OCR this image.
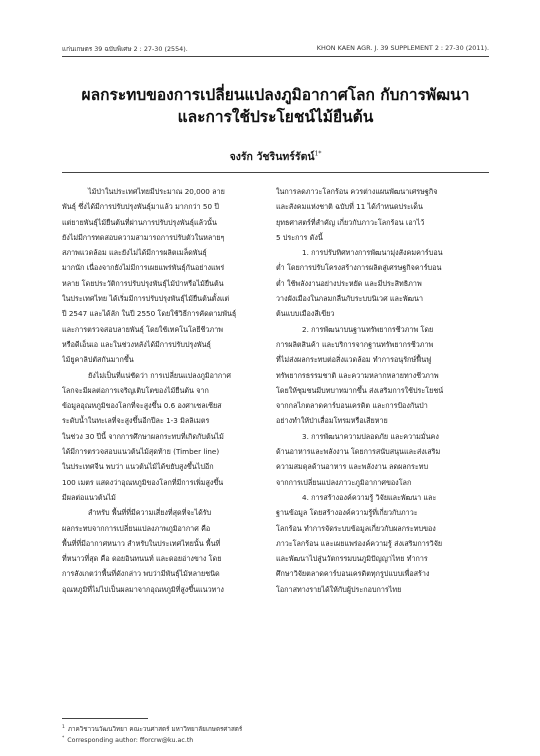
แก่นเกษตร 39 ฉบับพิเศษ 2 : 27-30 (2554).	KHON KAEN AGR. J. 39 SUPPLEMENT 2 : 27-30 (2011).
ผลกระทบของการเปลี่ยนแปลงภูมิอากาศโลก กับการพัฒนา
และการใช้ประโยชน์ไม้ยืนต้น
จงรัก วัชรินทร์รัตน์$^{1*}$
ไม้ป่าในประเทศไทยมีประมาณ 20,000 ลาย
พันธุ์ ซึ่งได้มีการปรับปรุงพันธุ์มาแล้ว มากกว่า 50 ปี
แต่ยายพันธุ์ไม้ยืนต้นที่ผ่านการปรับปรุงพันธุ์แล้วนั้น
ยังไม่มีการทดสอบความสามารถการปรับตัวในหลายๆ
สภาพแวดล้อม และยังไม่ได้มีการผลิตเมล็ดพันธุ์
มากนัก เนื่องจากยังไม่มีการเผยแพร่พันธุ์กันอย่างแพร่
หลาย โดยประวัติการปรับปรุงพันธุ์ไม้ป่าหรือไม้ยืนต้น
ในประเทศไทย ได้เริ่มมีการปรับปรุงพันธุ์ไม้ยืนต้นตั้งแต่
ปี 2547 และได้ลัก ในปี 2550 โดยใช้วิธีการคัดตามพันธุ์
และการตรวจสอบลายพันธุ์ โดยใช้เทคโนโลยีชีวภาพ
หรือดีเอ็นเอ และในช่วงหลังได้มีการปรับปรุงพันธุ์
ไม้ยูคาลิปตัสกันมากขึ้น
ยังไม่เป็นที่แน่ชัดว่า การเปลี่ยนแปลงภูมิอากาศ
โลกจะมีผลต่อการเจริญเติบโตของไม้ยืนต้น จาก
ข้อมูลอุณหภูมิของโลกที่จะสูงขึ้น 0.6 องศาเซลเซียส
ระดับน้ำในทะเลที่จะสูงขึ้นอีกปีละ 1-3 มิลลิเมตร
ในช่วง 30 ปีนี้ จากการศึกษาผลกระทบที่เกิดกับต้นไม้
ได้มีการตรวจสอบแนวต้นไม้สุดท้าย (Timber line)
ในประเทศจีน พบว่า แนวต้นไม้ได้ขยับสูงขึ้นไปอีก
100 เมตร แสดงว่าอุณหภูมิของโลกที่มีการเพิ่มสูงขึ้น
มีผลต่อแนวต้นไม้
สำหรับ พื้นที่ที่มีความเสี่ยงที่สุดที่จะได้รับ
ผลกระทบจากการเปลี่ยนแปลงภาพภูมิอากาศ คือ
พื้นที่ที่มีอากาศหนาว สำหรับในประเทศไทยนั้น พื้นที่
ที่หนาวที่สุด คือ ดอยอินทนนท์ และดอยอ่างขาง โดย
การสังเกตว่าพื้นที่ดังกล่าว พบว่ามีพันธุ์ไม้หลายชนิด
อุณหภูมิที่ไม่ไปเป็นผลมาจากอุณหภูมิที่สูงขึ้นแนวทาง
ในการลดภาวะโลกร้อน ควรต่างแผนพัฒนาเศรษฐกิจ
และสังคมแห่งชาติ ฉบับที่ 11 ได้กำหนดประเด็น
ยุทธศาสตร์ที่สำคัญ เกี่ยวกับภาวะโลกร้อน เอาไว้
5 ประการ ดังนี้
1. การปรับทิศทางการพัฒนามุ่งสังคมคาร์บอน
ต่ำ โดยการปรับโครงสร้างการผลิตสู่เศรษฐกิจคาร์บอน
ต่ำ ใช้พลังงานอย่างประหยัด และมีประสิทธิภาพ
วางผังเมืองในกลมกลืนกับระบบนิเวศ และพัฒนา
ต้นแบบเมืองสีเขียว
2. การพัฒนาบนฐานทรัพยากรชีวภาพ โดย
การผลิตสินค้า และบริการจากฐานทรัพยากรชีวภาพ
ที่ไม่ส่งผลกระทบต่อสิ่งแวดล้อม ทำการอนุรักษ์ฟื้นฟู
ทรัพยากรธรรมชาติ และความหลากหลายทางชีวภาพ
โดยให้ชุมชนมีบทบาทมากขึ้น ส่งเสริมการใช้ประโยชน์
จากกลไกตลาดคาร์บอนเครดิต และการป้องกันป่า
อย่างทำให้ป่าเสื่อมโทรมหรือเสียหาย
3. การพัฒนาความปลอดภัย และความมั่นคง
ด้านอาหารและพลังงาน โดยการสนับสนุนและส่งเสริม
ความสมดุลด้านอาหาร และพลังงาน ลดผลกระทบ
จากการเปลี่ยนแปลงภาวะภูมิอากาศของโลก
4. การสร้างองค์ความรู้ วิจัยและพัฒนา และ
ฐานข้อมูล โดยสร้างองค์ความรู้ที่เกี่ยวกับภาวะ
โลกร้อน ทำการจัดระบบข้อมูลเกี่ยวกับผลกระทบของ
ภาวะโลกร้อน และเผยแพร่องค์ความรู้ ส่งเสริมการวิจัย
และพัฒนาไปสู่นวัตกรรมบนภูมิปัญญาไทย ทำการ
ศึกษาวิจัยตลาดคาร์บอนเครดิตทุกรูปแบบเพื่อสร้าง
โอกาสทางรายได้ให้กับผู้ประกอบการไทย
$^1$ ภาควิชาวนวัฒนวิทยา คณะวนศาสตร์ มหาวิทยาลัยเกษตรศาสตร์
* Corresponding author: fforcrw@ku.ac.th
